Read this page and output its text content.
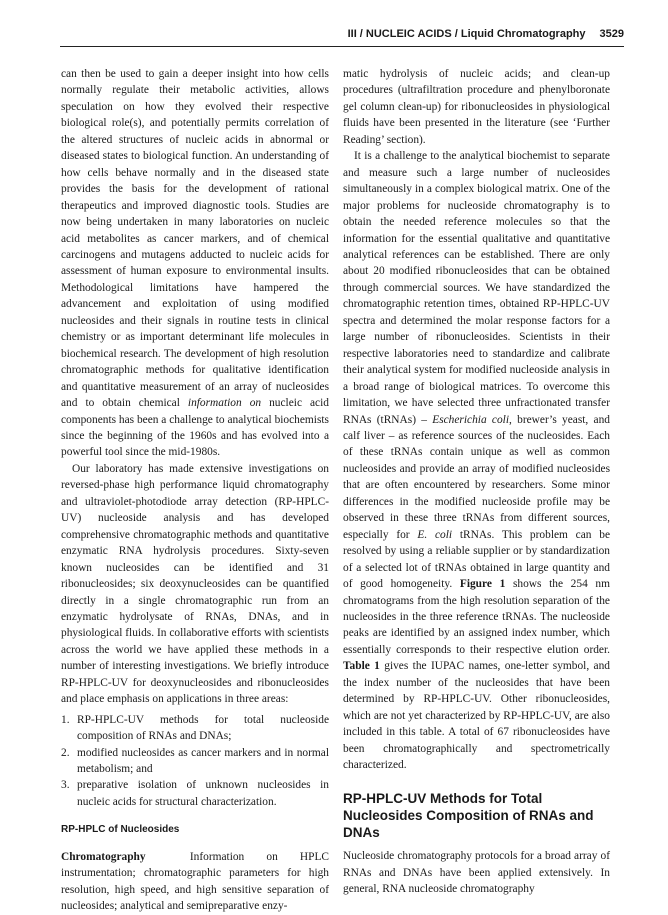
III / NUCLEIC ACIDS / Liquid Chromatography 3529

can then be used to gain a deeper insight into how cells normally regulate their metabolic activities, allows speculation on how they evolved their respective biological role(s), and potentially permits correlation of the altered structures of nucleic acids in abnormal or diseased states to biological function. An understanding of how cells behave normally and in the diseased state provides the basis for the development of rational therapeutics and improved diagnostic tools. Studies are now being undertaken in many laboratories on nucleic acid metabolites as cancer markers, and of chemical carcinogens and mutagens adducted to nucleic acids for assessment of human exposure to environmental insults. Methodological limitations have hampered the advancement and exploitation of using modified nucleosides and their signals in routine tests in clinical chemistry or as important determinant life molecules in biochemical research. The development of high resolution chromatographic methods for qualitative identification and quantitative measurement of an array of nucleosides and to obtain chemical information on nucleic acid components has been a challenge to analytical biochemists since the beginning of the 1960s and has evolved into a powerful tool since the mid-1980s.

Our laboratory has made extensive investigations on reversed-phase high performance liquid chromatography and ultraviolet-photodiode array detection (RP-HPLC-UV) nucleoside analysis and has developed comprehensive chromatographic methods and quantitative enzymatic RNA hydrolysis procedures. Sixty-seven known nucleosides can be identified and 31 ribonucleosides; six deoxynucleosides can be quantified directly in a single chromatographic run from an enzymatic hydrolysate of RNAs, DNAs, and in physiological fluids. In collaborative efforts with scientists across the world we have applied these methods in a number of interesting investigations. We briefly introduce RP-HPLC-UV for deoxynucleosides and ribonucleosides and place emphasis on applications in three areas:

1. RP-HPLC-UV methods for total nucleoside composition of RNAs and DNAs;
2. modified nucleosides as cancer markers and in normal metabolism; and
3. preparative isolation of unknown nucleosides in nucleic acids for structural characterization.
RP-HPLC of Nucleosides

Chromatography	Information on HPLC instrumentation; chromatographic parameters for high resolution, high speed, and high sensitive separation of nucleosides; analytical and semipreparative enzy-

matic hydrolysis of nucleic acids; and clean-up procedures (ultrafiltration procedure and phenylboronate gel column clean-up) for ribonucleosides in physiological fluids have been presented in the literature (see ‘Further Reading’ section).

It is a challenge to the analytical biochemist to separate and measure such a large number of nucleosides simultaneously in a complex biological matrix. One of the major problems for nucleoside chromatography is to obtain the needed reference molecules so that the information for the essential qualitative and quantitative analytical references can be established. There are only about 20 modified ribonucleosides that can be obtained through commercial sources. We have standardized the chromatographic retention times, obtained RP-HPLC-UV spectra and determined the molar response factors for a large number of ribonucleosides. Scientists in their respective laboratories need to standardize and calibrate their analytical system for modified nucleoside analysis in a broad range of biological matrices. To overcome this limitation, we have selected three unfractionated transfer RNAs (tRNAs) – Escherichia coli, brewer’s yeast, and calf liver – as reference sources of the nucleosides. Each of these tRNAs contain unique as well as common nucleosides and provide an array of modified nucleosides that are often encountered by researchers. Some minor differences in the modified nucleoside profile may be observed in these three tRNAs from different sources, especially for E. coli tRNAs. This problem can be resolved by using a reliable supplier or by standardization of a selected lot of tRNAs obtained in large quantity and of good homogeneity. Figure 1 shows the 254 nm chromatograms from the high resolution separation of the nucleosides in the three reference tRNAs. The nucleoside peaks are identified by an assigned index number, which essentially corresponds to their respective elution order. Table 1 gives the IUPAC names, one-letter symbol, and the index number of the nucleosides that have been determined by RP-HPLC-UV. Other ribonucleosides, which are not yet characterized by RP-HPLC-UV, are also included in this table. A total of 67 ribonucleosides have been chromatographically and spectrometrically characterized.

RP-HPLC-UV Methods for Total Nucleosides Composition of RNAs and DNAs

Nucleoside chromatography protocols for a broad array of RNAs and DNAs have been applied extensively. In general, RNA nucleoside chromatography
